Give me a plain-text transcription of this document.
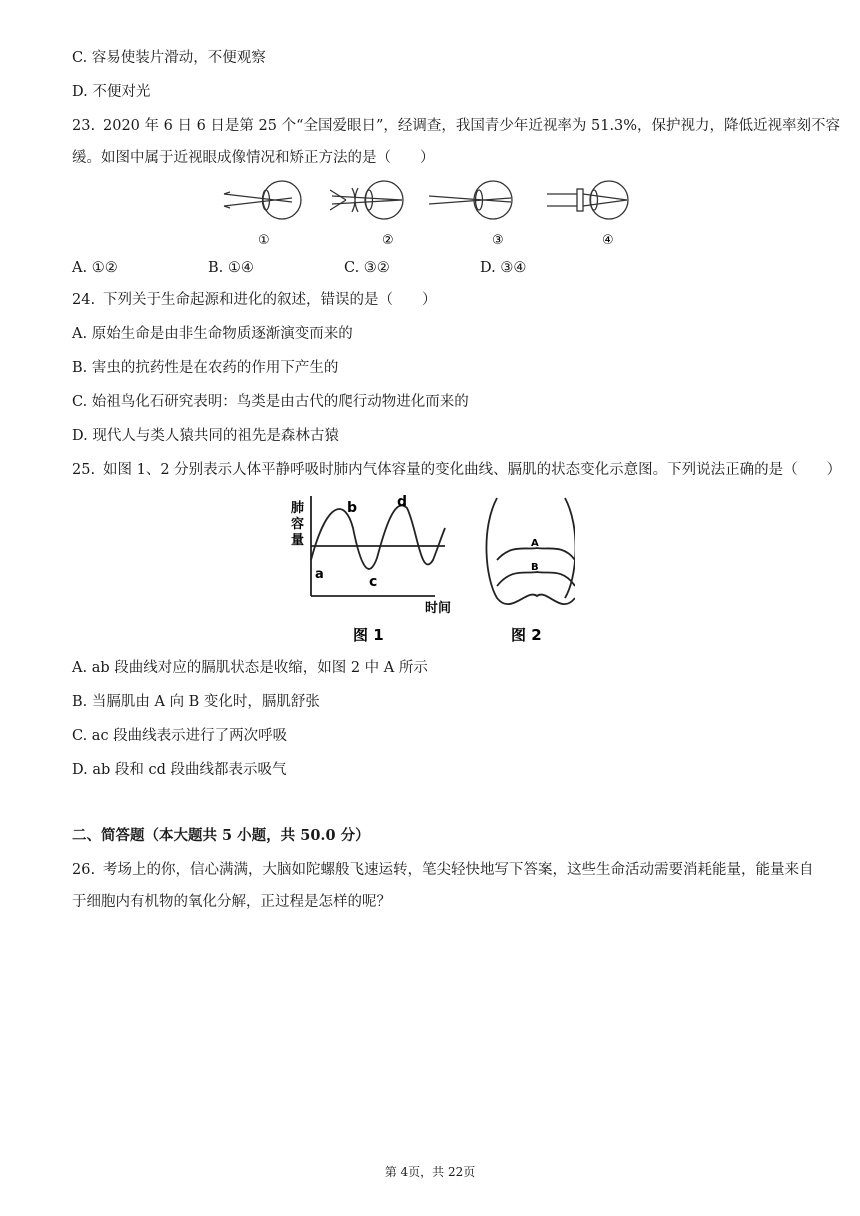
C. 容易使装片滑动，不便观察
D. 不便对光
23. 2020 年 6 日 6 日是第 25 个“全国爱眼日”，经调查，我国青少年近视率为 51.3%，保护视力，降低近视率刻不容
缓。如图中属于近视眼成像情况和矫正方法的是（　　）
①	②	③	④
A. ①②	B. ①④	C. ③②	D. ③④
24. 下列关于生命起源和进化的叙述，错误的是（　　）
A. 原始生命是由非生命物质逐渐演变而来的
B. 害虫的抗药性是在农药的作用下产生的
C. 始祖鸟化石研究表明：鸟类是由古代的爬行动物进化而来的
D. 现代人与类人猿共同的祖先是森林古猿
25. 如图 1、2 分别表示人体平静呼吸时肺内气体容量的变化曲线、膈肌的状态变化示意图。下列说法正确的是（　　）
肺
容
量
a
b
c
d
时间
图 1
A
B
图 2
A. ab 段曲线对应的膈肌状态是收缩，如图 2 中 A 所示
B. 当膈肌由 A 向 B 变化时，膈肌舒张
C. ac 段曲线表示进行了两次呼吸
D. ab 段和 cd 段曲线都表示吸气
二、简答题（本大题共 5 小题，共 50.0 分）
26. 考场上的你，信心满满，大脑如陀螺般飞速运转，笔尖轻快地写下答案，这些生命活动需要消耗能量，能量来自
于细胞内有机物的氧化分解，正过程是怎样的呢？
第 4页，共 22页
